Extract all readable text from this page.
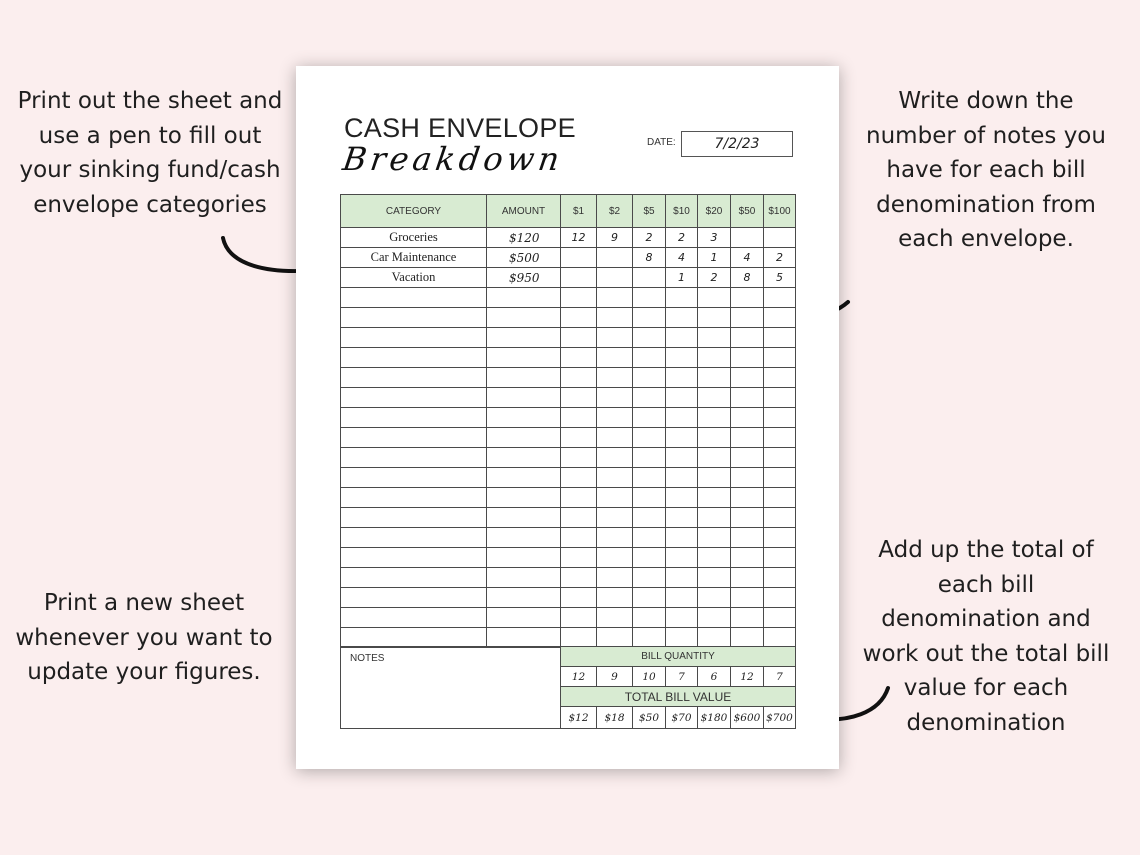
Print out the sheet and use a pen to fill out your sinking fund/cash envelope categories
Write down the number of notes you have for each bill denomination from each envelope.
Add up the total of each bill denomination and work out the total bill value for each denomination
Print a new sheet whenever you want to update your figures.
CASH ENVELOPE
Breakdown	DATE:	7/2/23
CATEGORY	AMOUNT	$1	$2	$5	$10	$20	$50	$100
Groceries	$120	12	9	2	2	3		
Car Maintenance	$500			8	4	1	4	2
Vacation	$950				1	2	8	5

NOTES	BILL QUANTITY						
	12	9	10	7	6	12	7
	TOTAL BILL VALUE						
	$12	$18	$50	$70	$180	$600	$700
